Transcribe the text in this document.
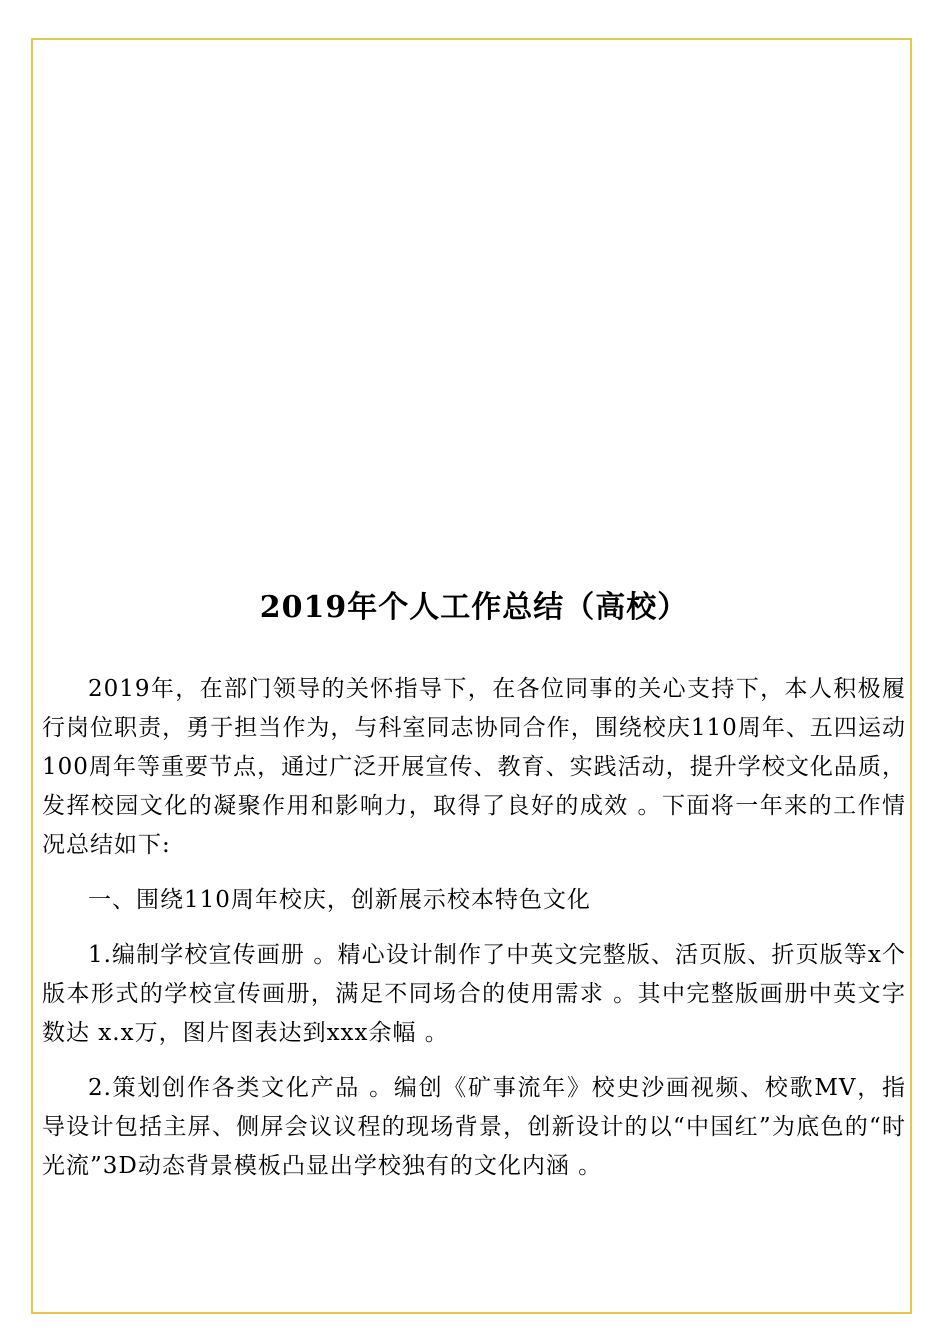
2019年个人工作总结（高校）

2019年，在部门领导的关怀指导下，在各位同事的关心支持下，本人积极履行岗位职责，勇于担当作为，与科室同志协同合作，围绕校庆110周年、五四运动100周年等重要节点，通过广泛开展宣传、教育、实践活动，提升学校文化品质，发挥校园文化的凝聚作用和影响力，取得了良好的成效 。下面将一年来的工作情况总结如下:

一、围绕110周年校庆，创新展示校本特色文化

1.编制学校宣传画册 。精心设计制作了中英文完整版、活页版、折页版等x个版本形式的学校宣传画册，满足不同场合的使用需求 。其中完整版画册中英文字数达 x.x万，图片图表达到xxx余幅 。

2.策划创作各类文化产品 。编创《矿事流年》校史沙画视频、校歌MV，指导设计包括主屏、侧屏会议议程的现场背景，创新设计的以“中国红”为底色的“时光流”3D动态背景模板凸显出学校独有的文化内涵 。
